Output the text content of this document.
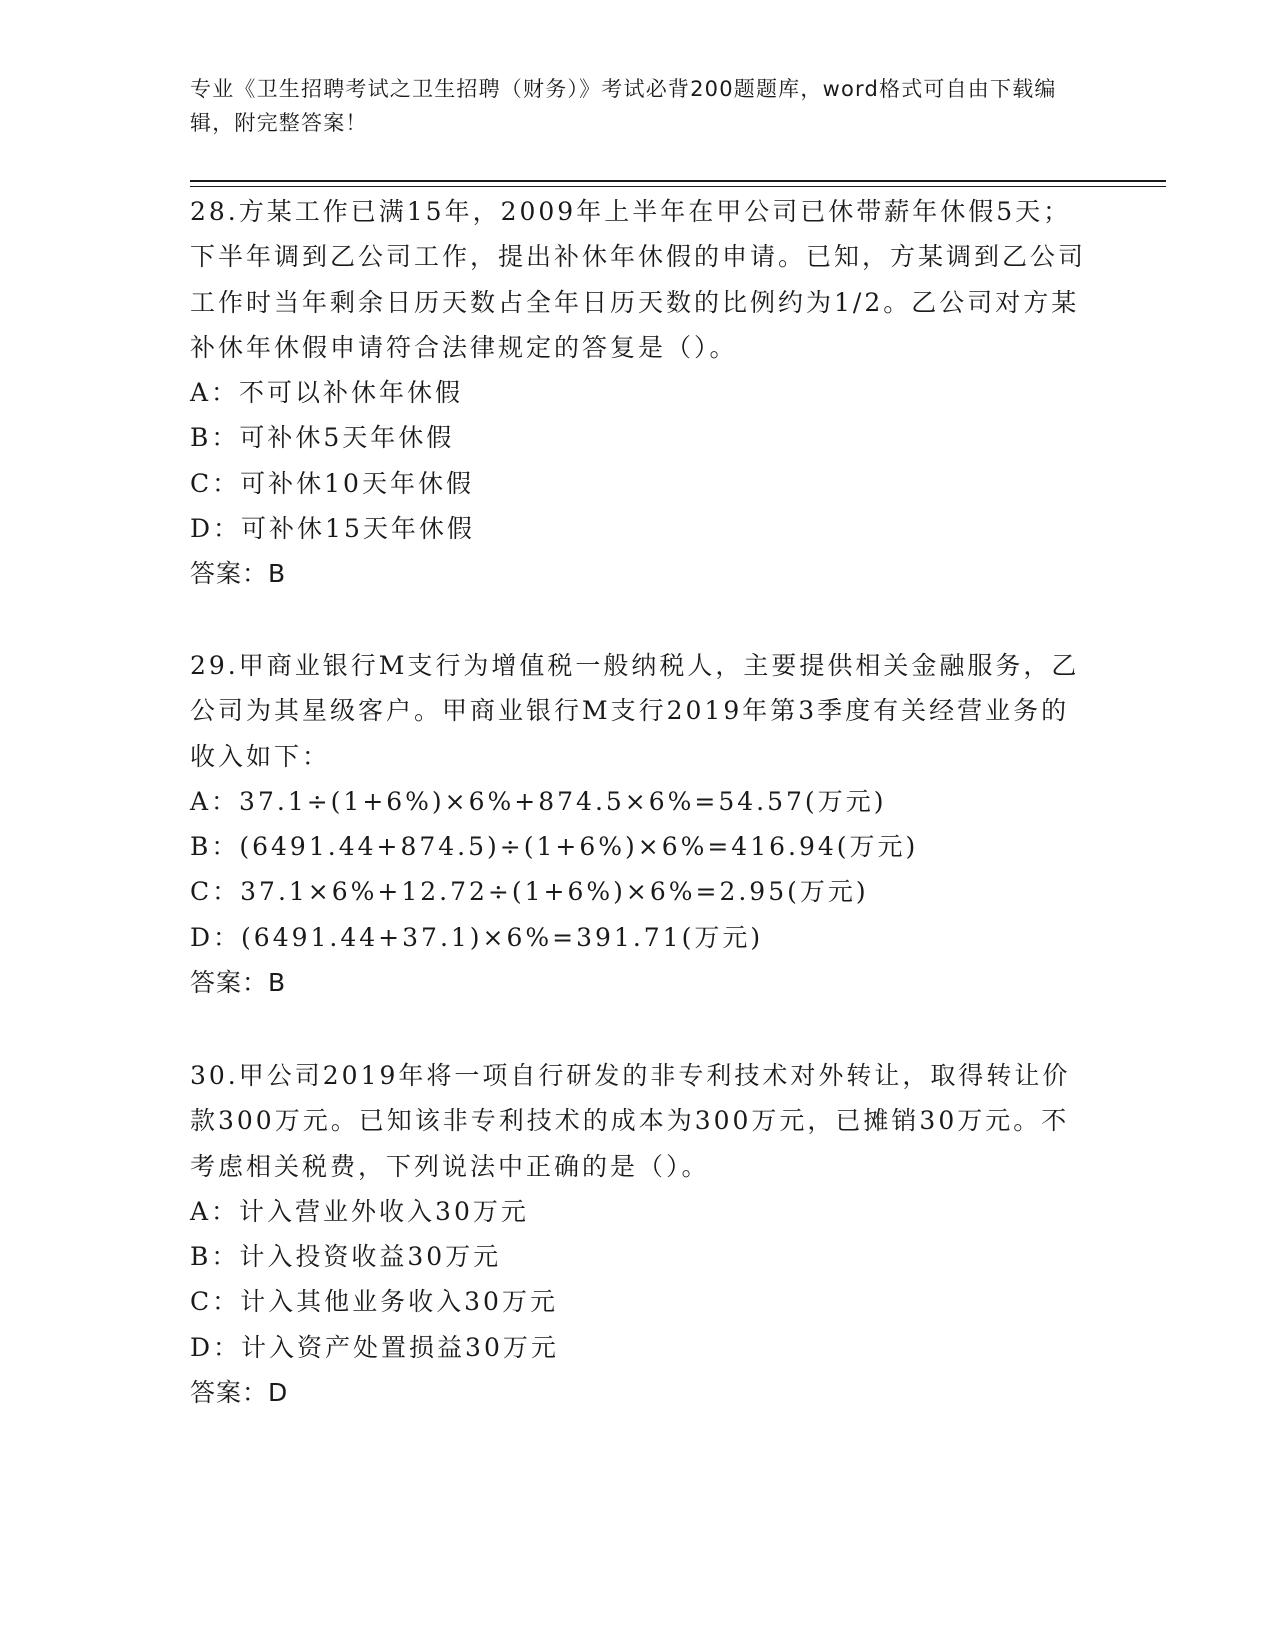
专业《卫生招聘考试之卫生招聘（财务）》考试必背200题题库，word格式可自由下载编辑，附完整答案！
28.方某工作已满15年，2009年上半年在甲公司已休带薪年休假5天；下半年调到乙公司工作，提出补休年休假的申请。已知，方某调到乙公司工作时当年剩余日历天数占全年日历天数的比例约为1/2。乙公司对方某补休年休假申请符合法律规定的答复是（）。
A：不可以补休年休假
B：可补休5天年休假
C：可补休10天年休假
D：可补休15天年休假
答案：B
29.甲商业银行M支行为增值税一般纳税人，主要提供相关金融服务，乙公司为其星级客户。甲商业银行M支行2019年第3季度有关经营业务的收入如下：
A：37.1÷(1+6%)×6%+874.5×6%=54.57(万元)
B：(6491.44+874.5)÷(1+6%)×6%=416.94(万元)
C：37.1×6%+12.72÷(1+6%)×6%=2.95(万元)
D：(6491.44+37.1)×6%=391.71(万元)
答案：B
30.甲公司2019年将一项自行研发的非专利技术对外转让，取得转让价款300万元。已知该非专利技术的成本为300万元，已摊销30万元。不考虑相关税费，下列说法中正确的是（）。
A：计入营业外收入30万元
B：计入投资收益30万元
C：计入其他业务收入30万元
D：计入资产处置损益30万元
答案：D
